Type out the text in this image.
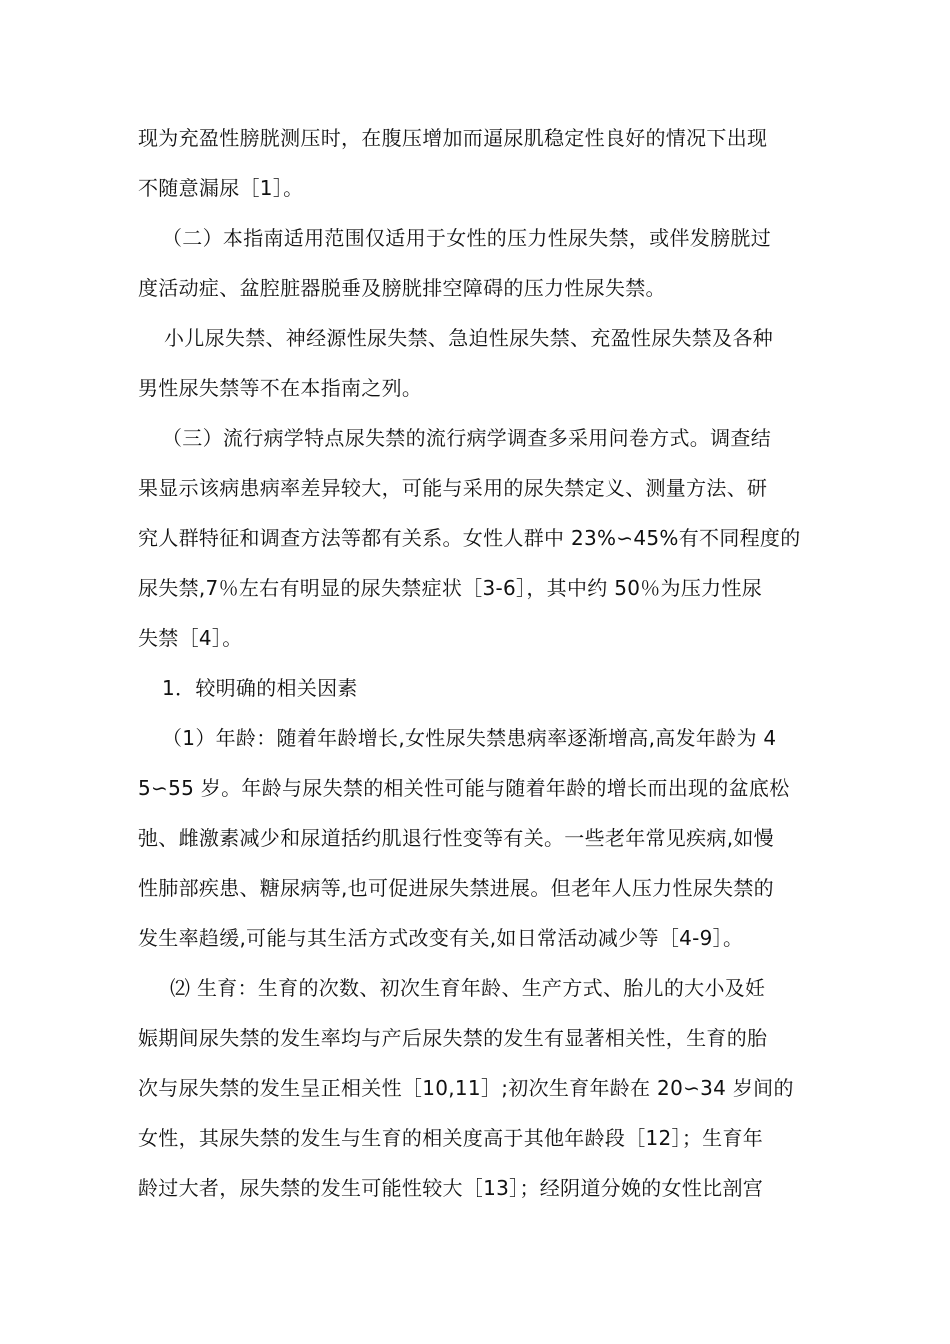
现为充盈性膀胱测压时，在腹压增加而逼尿肌稳定性良好的情况下出现
不随意漏尿［1］。
（二）本指南适用范围仅适用于女性的压力性尿失禁，或伴发膀胱过
度活动症、盆腔脏器脱垂及膀胱排空障碍的压力性尿失禁。
小儿尿失禁、神经源性尿失禁、急迫性尿失禁、充盈性尿失禁及各种
男性尿失禁等不在本指南之列。
（三）流行病学特点尿失禁的流行病学调查多采用问卷方式。调查结
果显示该病患病率差异较大，可能与采用的尿失禁定义、测量方法、研
究人群特征和调查方法等都有关系。女性人群中 23%∽45%有不同程度的
尿失禁,7％左右有明显的尿失禁症状［3-6］，其中约 50％为压力性尿
失禁［4］。
1．较明确的相关因素
（1）年龄：随着年龄增长,女性尿失禁患病率逐渐增高,高发年龄为 4
5∽55 岁。年龄与尿失禁的相关性可能与随着年龄的增长而出现的盆底松
弛、雌激素减少和尿道括约肌退行性变等有关。一些老年常见疾病,如慢
性肺部疾患、糖尿病等,也可促进尿失禁进展。但老年人压力性尿失禁的
发生率趋缓,可能与其生活方式改变有关,如日常活动减少等［4-9］。
⑵ 生育：生育的次数、初次生育年龄、生产方式、胎儿的大小及妊
娠期间尿失禁的发生率均与产后尿失禁的发生有显著相关性，生育的胎
次与尿失禁的发生呈正相关性［10,11］;初次生育年龄在 20∽34 岁间的
女性，其尿失禁的发生与生育的相关度高于其他年龄段［12］；生育年
龄过大者，尿失禁的发生可能性较大［13］；经阴道分娩的女性比剖宫
